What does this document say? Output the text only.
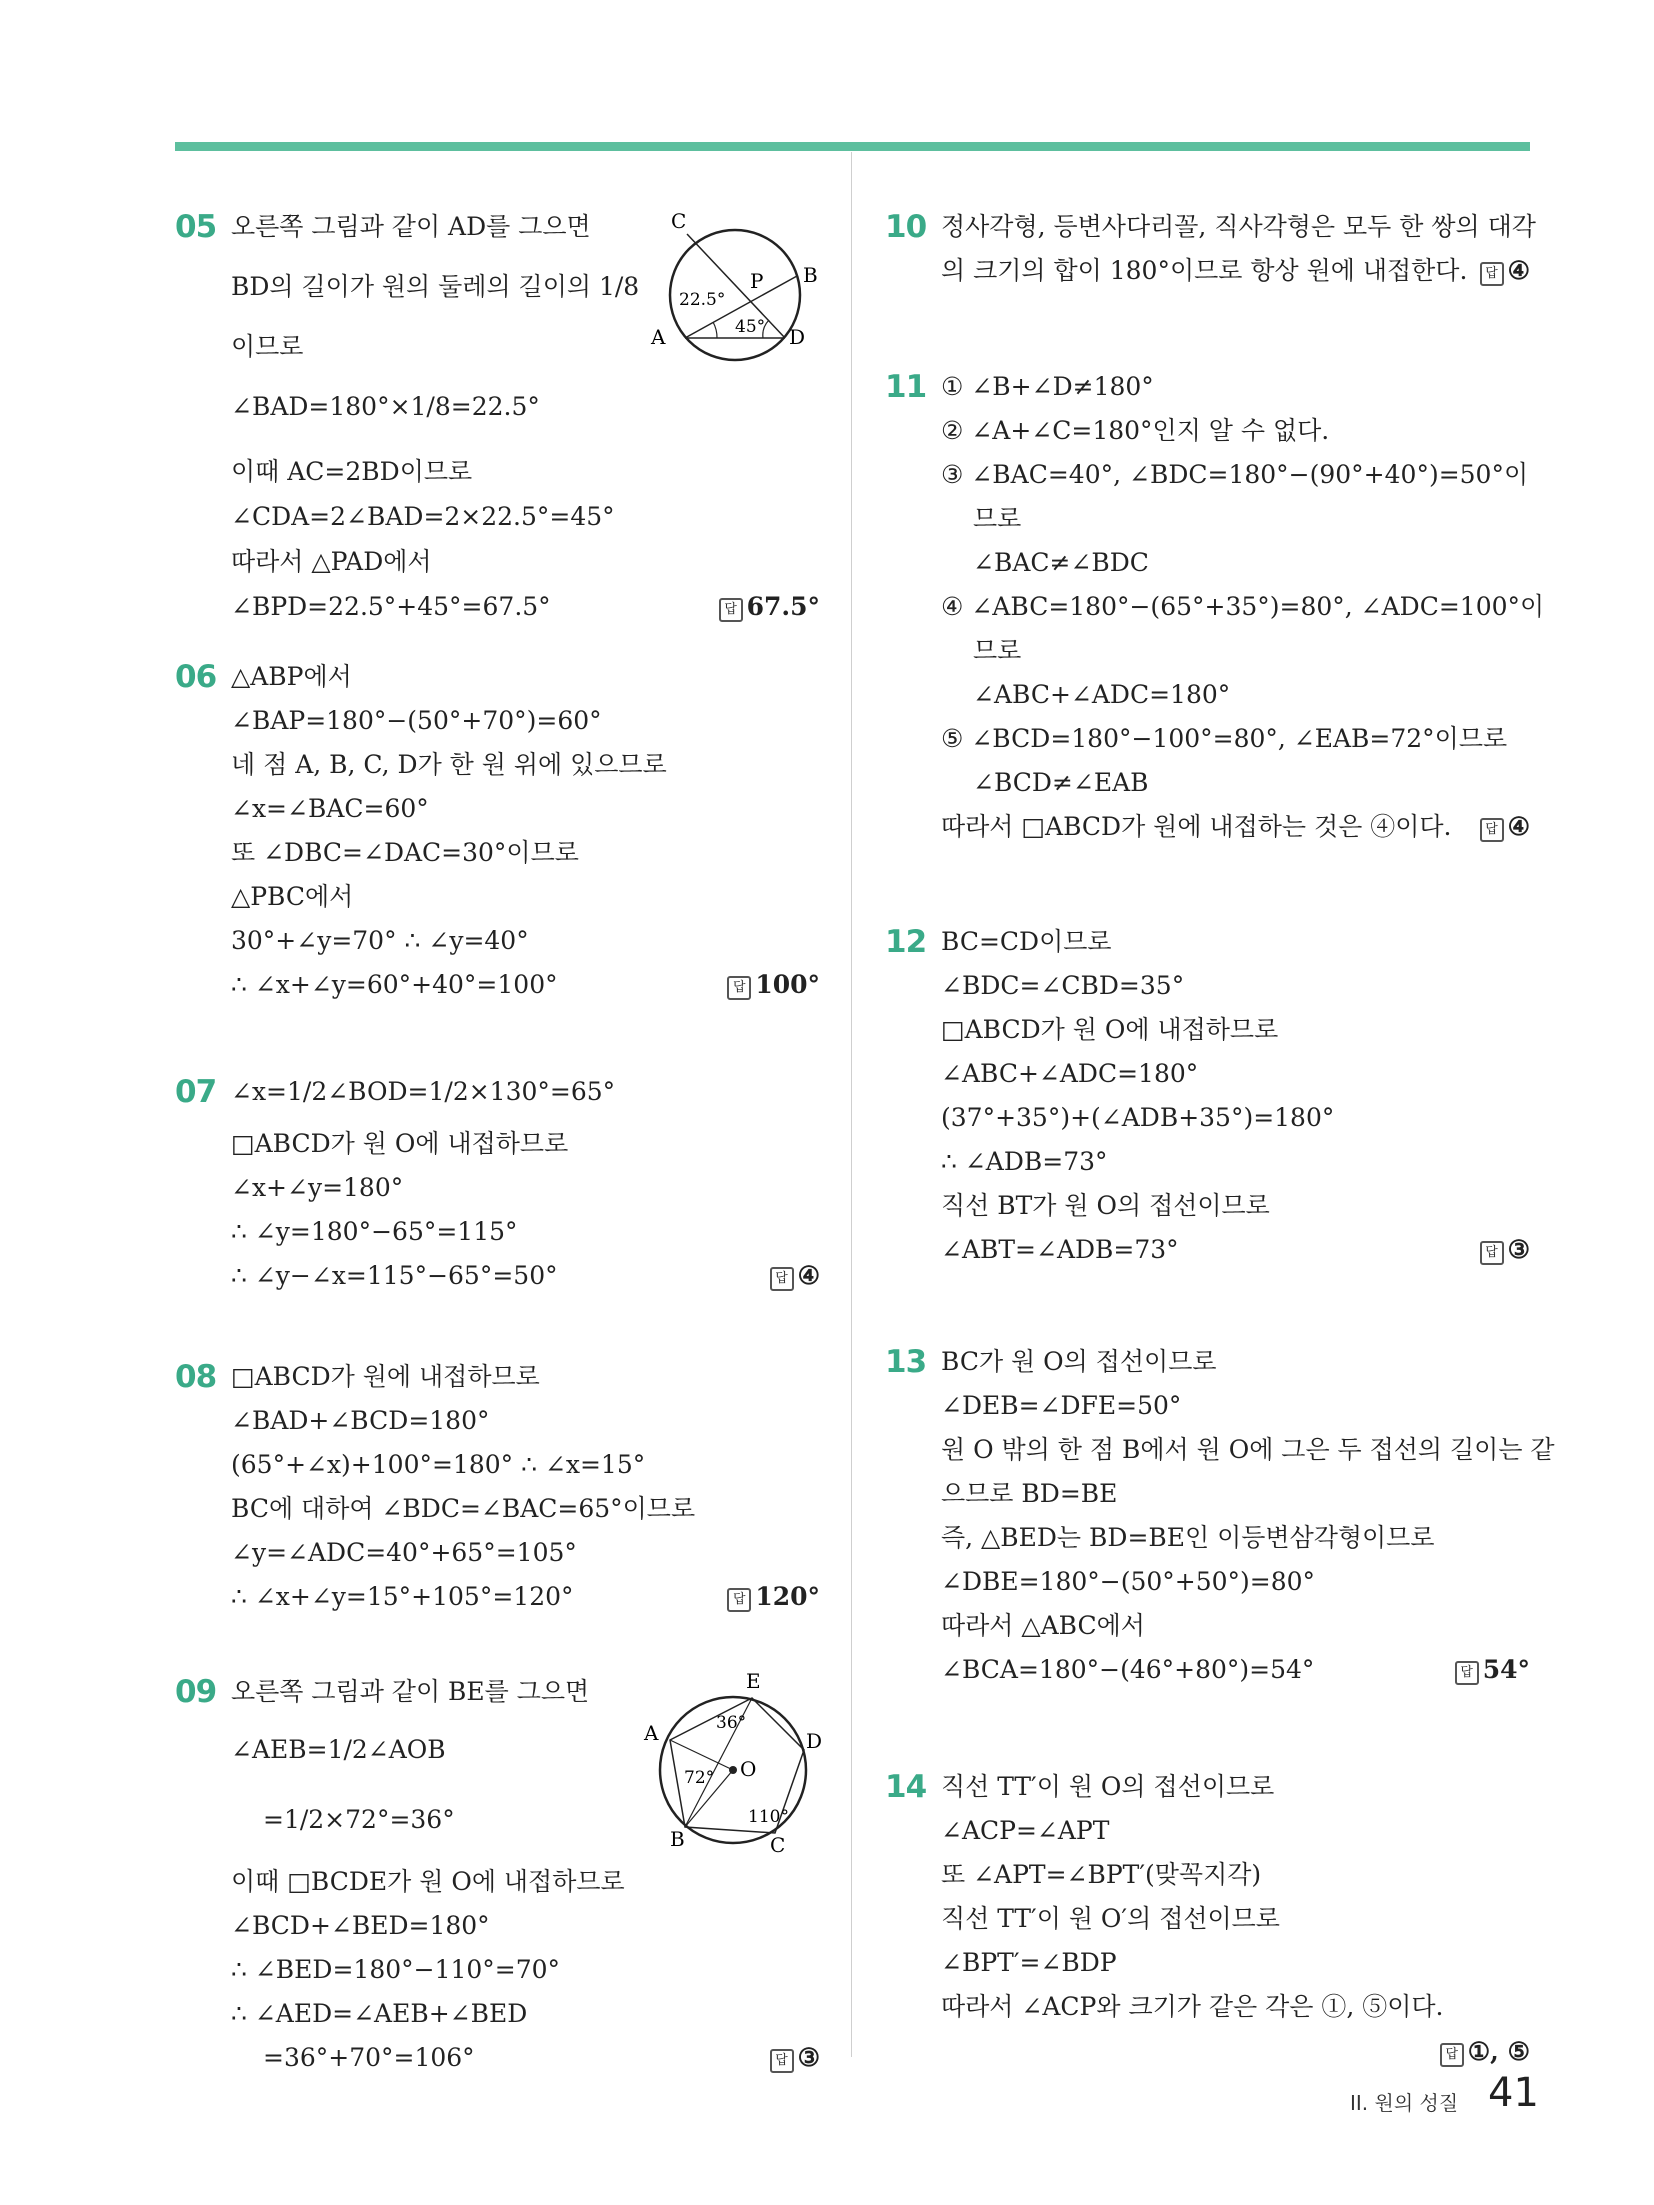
05 오른쪽 그림과 같이 AD를 그으면
BD의 길이가 원의 둘레의 길이의 1/8
이므로
∠BAD=180°×1/8=22.5°
이때 AC=2BD이므로
∠CDA=2∠BAD=2×22.5°=45°
따라서 △PAD에서
∠BPD=22.5°+45°=67.5°	답 67.5°
06 △ABP에서
∠BAP=180°−(50°+70°)=60°
네 점 A, B, C, D가 한 원 위에 있으므로
∠x=∠BAC=60°
또 ∠DBC=∠DAC=30°이므로
△PBC에서
30°+∠y=70° ∴ ∠y=40°
∴ ∠x+∠y=60°+40°=100°	답 100°
07 ∠x=1/2∠BOD=1/2×130°=65°
□ABCD가 원 O에 내접하므로
∠x+∠y=180°
∴ ∠y=180°−65°=115°
∴ ∠y−∠x=115°−65°=50°	답 ④
08 □ABCD가 원에 내접하므로
∠BAD+∠BCD=180°
(65°+∠x)+100°=180° ∴ ∠x=15°
BC에 대하여 ∠BDC=∠BAC=65°이므로
∠y=∠ADC=40°+65°=105°
∴ ∠x+∠y=15°+105°=120°	답 120°
09 오른쪽 그림과 같이 BE를 그으면
∠AEB=1/2∠AOB
=1/2×72°=36°
이때 □BCDE가 원 O에 내접하므로
∠BCD+∠BED=180°
∴ ∠BED=180°−110°=70°
∴ ∠AED=∠AEB+∠BED
=36°+70°=106°	답 ③
10 정사각형, 등변사다리꼴, 직사각형은 모두 한 쌍의 대각
의 크기의 합이 180°이므로 항상 원에 내접한다.	답 ④
11 ① ∠B+∠D≠180°
② ∠A+∠C=180°인지 알 수 없다.
③ ∠BAC=40°, ∠BDC=180°−(90°+40°)=50°이
므로
∠BAC≠∠BDC
④ ∠ABC=180°−(65°+35°)=80°, ∠ADC=100°이
므로
∠ABC+∠ADC=180°
⑤ ∠BCD=180°−100°=80°, ∠EAB=72°이므로
∠BCD≠∠EAB
따라서 □ABCD가 원에 내접하는 것은 ④이다.	답 ④
12 BC=CD이므로
∠BDC=∠CBD=35°
□ABCD가 원 O에 내접하므로
∠ABC+∠ADC=180°
(37°+35°)+(∠ADB+35°)=180°
∴ ∠ADB=73°
직선 BT가 원 O의 접선이므로
∠ABT=∠ADB=73°	답 ③
13 BC가 원 O의 접선이므로
∠DEB=∠DFE=50°
원 O 밖의 한 점 B에서 원 O에 그은 두 접선의 길이는 같
으므로 BD=BE
즉, △BED는 BD=BE인 이등변삼각형이므로
∠DBE=180°−(50°+50°)=80°
따라서 △ABC에서
∠BCA=180°−(46°+80°)=54°	답 54°
14 직선 TT′이 원 O의 접선이므로
∠ACP=∠APT
또 ∠APT=∠BPT′(맞꼭지각)
직선 TT′이 원 O′의 접선이므로
∠BPT′=∠BDP
따라서 ∠ACP와 크기가 같은 각은 ①, ⑤이다.
답 ①, ⑤
C
B
P
A	D
22.5°
45°
E
A	D
O
B	C
36°
72°
110°
II. 원의 성질 41
